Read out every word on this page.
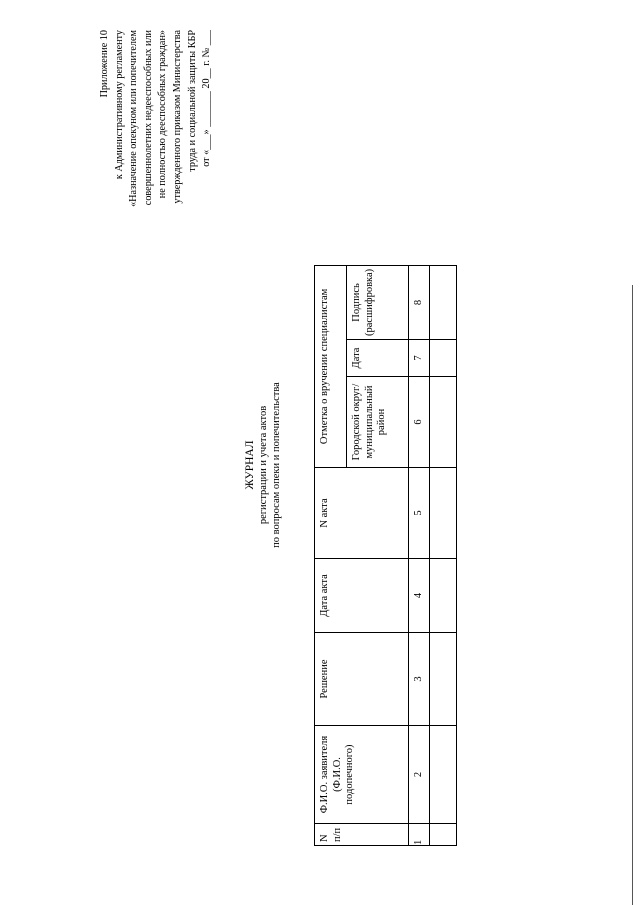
Приложение 10 к Административному регламенту «Назначение опекуном или попечителем совершеннолетних недееспособных или не полностью дееспособных граждан» утвержденного приказом Министерства труда и социальной защиты КБР от «___» _______ 20__ г. № ___
ЖУРНАЛ регистрации и учета актов по вопросам опеки и попечительства
N п/п	Ф.И.О. заявителя (Ф.И.О. подопечного)	Решение	Дата акта	N акта	Отметка о вручении специалистам		
					Городской округ/муниципальный район	Дата	Подпись (расшифровка)
1	2	3	4	5	6	7	8
